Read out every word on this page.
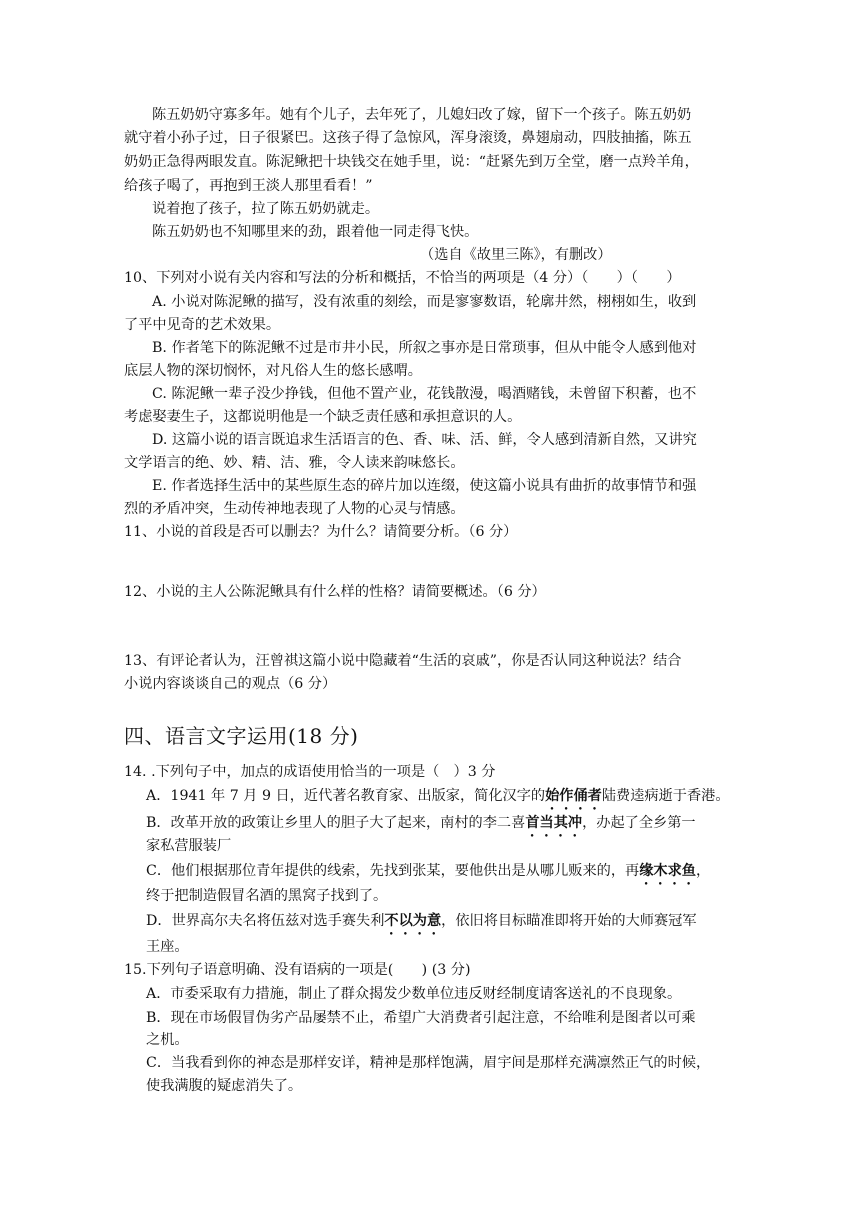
陈五奶奶守寡多年。她有个儿子，去年死了，儿媳妇改了嫁，留下一个孩子。陈五奶奶
就守着小孙子过，日子很紧巴。这孩子得了急惊风，浑身滚烫，鼻翅扇动，四肢抽搐，陈五
奶奶正急得两眼发直。陈泥鳅把十块钱交在她手里，说：“赶紧先到万全堂，磨一点羚羊角，
给孩子喝了，再抱到王淡人那里看看！”
说着抱了孩子，拉了陈五奶奶就走。
陈五奶奶也不知哪里来的劲，跟着他一同走得飞快。
（选自《故里三陈》，有删改）
10、下列对小说有关内容和写法的分析和概括，不恰当的两项是（4 分）（　　）（　　）
A. 小说对陈泥鳅的描写，没有浓重的刻绘，而是寥寥数语，轮廓井然，栩栩如生，收到
了平中见奇的艺术效果。
B. 作者笔下的陈泥鳅不过是市井小民，所叙之事亦是日常琐事，但从中能令人感到他对
底层人物的深切悯怀，对凡俗人生的悠长感喟。
C. 陈泥鳅一辈子没少挣钱，但他不置产业，花钱散漫，喝酒赌钱，未曾留下积蓄，也不
考虑娶妻生子，这都说明他是一个缺乏责任感和承担意识的人。
D. 这篇小说的语言既追求生活语言的色、香、味、活、鲜，令人感到清新自然，又讲究
文学语言的绝、妙、精、洁、雅，令人读来韵味悠长。
E. 作者选择生活中的某些原生态的碎片加以连缀，使这篇小说具有曲折的故事情节和强
烈的矛盾冲突，生动传神地表现了人物的心灵与情感。
11、小说的首段是否可以删去？为什么？请简要分析。（6 分）
12、小说的主人公陈泥鳅具有什么样的性格？请简要概述。（6 分）
13、有评论者认为，汪曾祺这篇小说中隐藏着“生活的哀戚”，你是否认同这种说法？结合
小说内容谈谈自己的观点（6 分）
四、语言文字运用(18 分)
14. .下列句子中，加点的成语使用恰当的一项是（　）3 分
A．1941 年 7 月 9 日，近代著名教育家、出版家，简化汉字的始作俑者陆费逵病逝于香港。
B．改革开放的政策让乡里人的胆子大了起来，南村的李二喜首当其冲，办起了全乡第一
家私营服装厂
C．他们根据那位青年提供的线索，先找到张某，要他供出是从哪儿贩来的，再缘木求鱼，
终于把制造假冒名酒的黑窝子找到了。
D．世界高尔夫名将伍兹对选手赛失利不以为意，依旧将目标瞄准即将开始的大师赛冠军
王座。
15.下列句子语意明确、没有语病的一项是(　　) (3 分)
A．市委采取有力措施，制止了群众揭发少数单位违反财经制度请客送礼的不良现象。
B．现在市场假冒伪劣产品屡禁不止，希望广大消费者引起注意，不给唯利是图者以可乘
之机。
C．当我看到你的神态是那样安详，精神是那样饱满，眉宇间是那样充满凛然正气的时候，
使我满腹的疑虑消失了。
